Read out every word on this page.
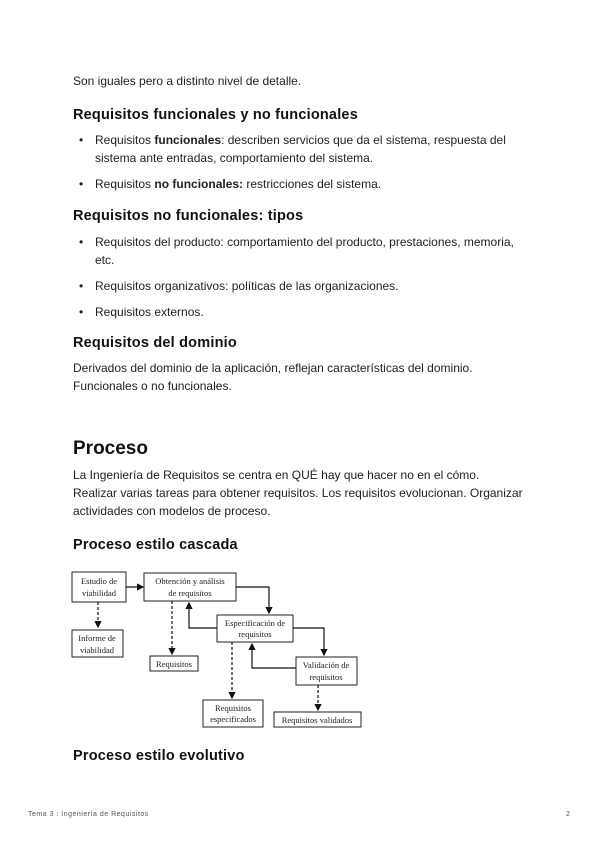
Son iguales pero a distinto nivel de detalle.

Requisitos funcionales y no funcionales
• Requisitos funcionales: describen servicios que da el sistema, respuesta del sistema ante entradas, comportamiento del sistema.
• Requisitos no funcionales: restricciones del sistema.
Requisitos no funcionales: tipos
• Requisitos del producto: comportamiento del producto, prestaciones, memoria, etc.
• Requisitos organizativos: políticas de las organizaciones.
• Requisitos externos.
Requisitos del dominio

Derivados del dominio de la aplicación, reflejan características del dominio.

Funcionales o no funcionales.

Proceso

La Ingeniería de Requisitos se centra en QUÉ hay que hacer no en el cómo.

Realizar varias tareas para obtener requisitos. Los requisitos evolucionan. Organizar actividades con modelos de proceso.

Proceso estilo cascada
Estudio de
viabilidad
Obtención y análisis
de requisitos
Especificación de
requisitos
Validación de
requisitos
Informe de
viabilidad
Requisitos
Requisitos
especificados	Requisitos validados
Proceso estilo evolutivo
Tema 3 : Ingeniería de Requisitos	2
